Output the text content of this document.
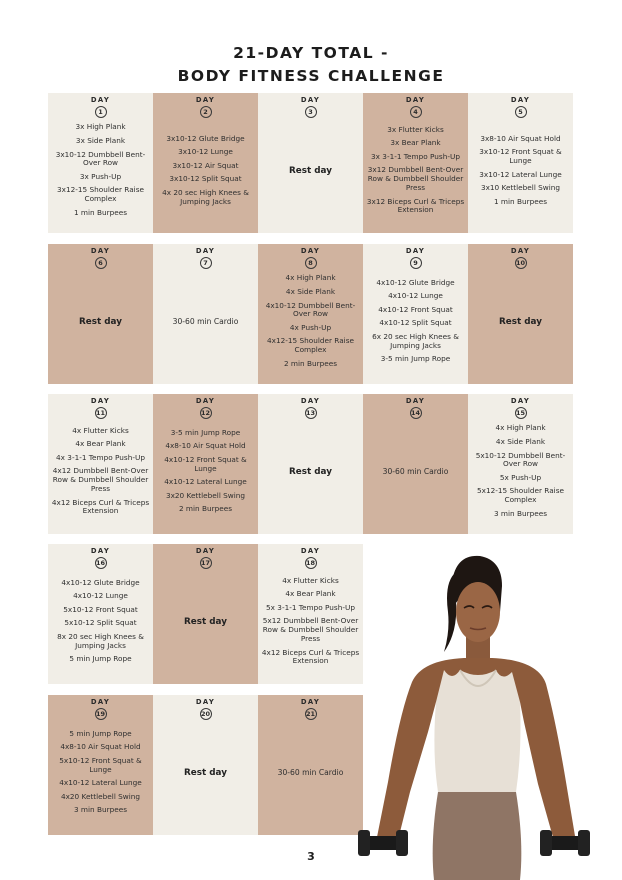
21-DAY TOTAL -
BODY FITNESS CHALLENGE
DAY
1
3x High Plank
3x Side Plank
3x10-12 Dumbbell Bent-Over Row
3x Push-Up
3x12-15 Shoulder Raise Complex
1 min Burpees
DAY
2
3x10-12 Glute Bridge
3x10-12 Lunge
3x10-12 Air Squat
3x10-12 Split Squat
4x 20 sec High Knees & Jumping Jacks
DAY
3
Rest day
DAY
4
3x Flutter Kicks
3x Bear Plank
3x 3-1-1 Tempo Push-Up
3x12 Dumbbell Bent-Over Row & Dumbbell Shoulder Press
3x12 Biceps Curl & Triceps Extension
DAY
5
3x8-10 Air Squat Hold
3x10-12 Front Squat & Lunge
3x10-12 Lateral Lunge
3x10 Kettlebell Swing
1 min Burpees
DAY
6
Rest day
DAY
7
30-60 min Cardio
DAY
8
4x High Plank
4x Side Plank
4x10-12 Dumbbell Bent-Over Row
4x Push-Up
4x12-15 Shoulder Raise Complex
2 min Burpees
DAY
9
4x10-12 Glute Bridge
4x10-12 Lunge
4x10-12 Front Squat
4x10-12 Split Squat
6x 20 sec High Knees & Jumping Jacks
3-5 min Jump Rope
DAY
10
Rest day
DAY
11
4x Flutter Kicks
4x Bear Plank
4x 3-1-1 Tempo Push-Up
4x12 Dumbbell Bent-Over Row & Dumbbell Shoulder Press
4x12 Biceps Curl & Triceps Extension
DAY
12
3-5 min Jump Rope
4x8-10 Air Squat Hold
4x10-12 Front Squat & Lunge
4x10-12 Lateral Lunge
3x20 Kettlebell Swing
2 min Burpees
DAY
13
Rest day
DAY
14
30-60 min Cardio
DAY
15
4x High Plank
4x Side Plank
5x10-12 Dumbbell Bent-Over Row
5x Push-Up
5x12-15 Shoulder Raise Complex
3 min Burpees
DAY
16
4x10-12 Glute Bridge
4x10-12 Lunge
5x10-12 Front Squat
5x10-12 Split Squat
8x 20 sec High Knees & Jumping Jacks
5 min Jump Rope
DAY
17
Rest day
DAY
18
4x Flutter Kicks
4x Bear Plank
5x 3-1-1 Tempo Push-Up
5x12 Dumbbell Bent-Over Row & Dumbbell Shoulder Press
4x12 Biceps Curl & Triceps Extension
DAY
19
5 min Jump Rope
4x8-10 Air Squat Hold
5x10-12 Front Squat & Lunge
4x10-12 Lateral Lunge
4x20 Kettlebell Swing
3 min Burpees
DAY
20
Rest day
DAY
21
30-60 min Cardio
3
